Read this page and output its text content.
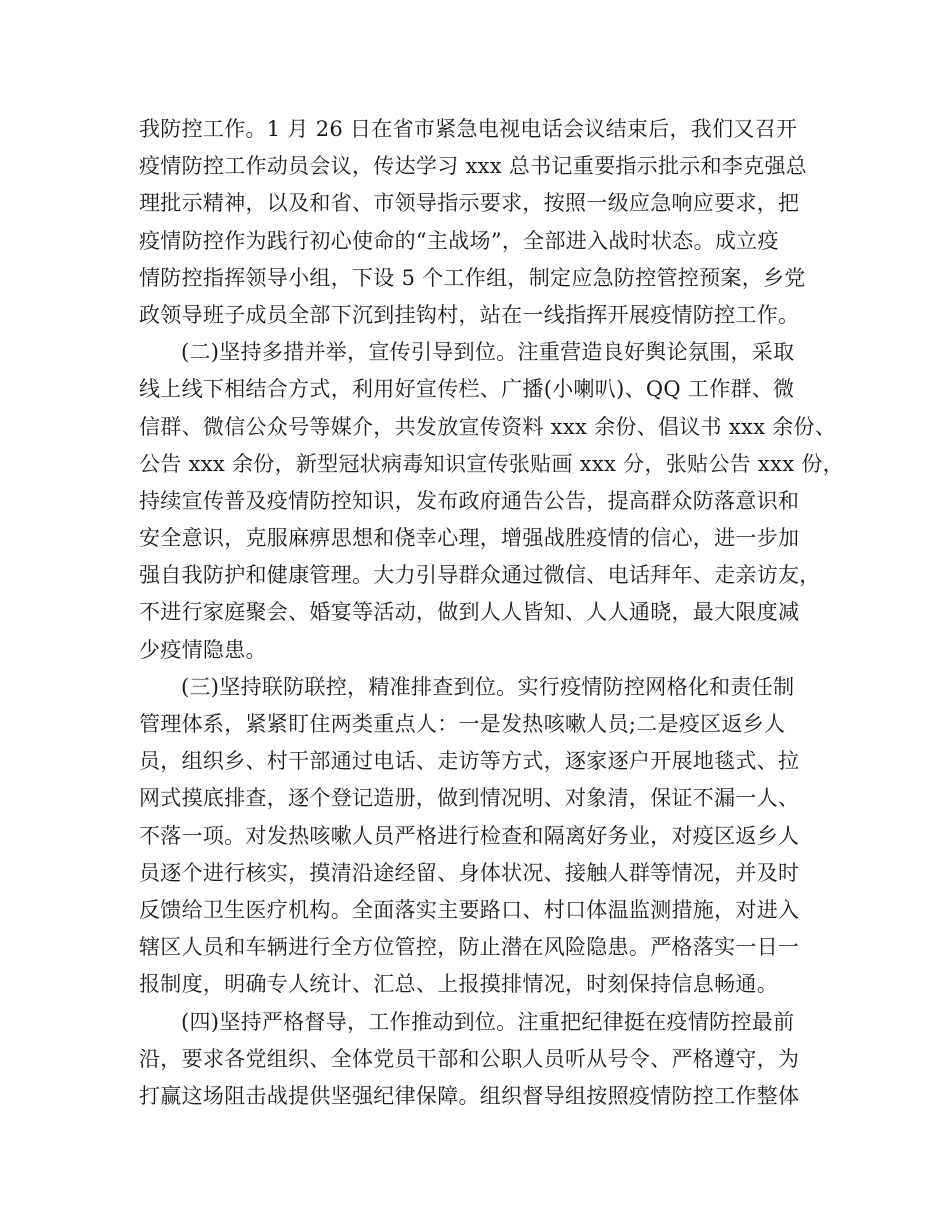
我防控工作。1 月 26 日在省市紧急电视电话会议结束后，我们又召开
疫情防控工作动员会议，传达学习 xxx 总书记重要指示批示和李克强总
理批示精神，以及和省、市领导指示要求，按照一级应急响应要求，把
疫情防控作为践行初心使命的“主战场”，全部进入战时状态。成立疫
情防控指挥领导小组，下设 5 个工作组，制定应急防控管控预案，乡党
政领导班子成员全部下沉到挂钩村，站在一线指挥开展疫情防控工作。
(二)坚持多措并举，宣传引导到位。注重营造良好舆论氛围，采取
线上线下相结合方式，利用好宣传栏、广播(小喇叭)、QQ 工作群、微
信群、微信公众号等媒介，共发放宣传资料 xxx 余份、倡议书 xxx 余份、
公告 xxx 余份，新型冠状病毒知识宣传张贴画 xxx 分，张贴公告 xxx 份，
持续宣传普及疫情防控知识，发布政府通告公告，提高群众防落意识和
安全意识，克服麻痹思想和侥幸心理，增强战胜疫情的信心，进一步加
强自我防护和健康管理。大力引导群众通过微信、电话拜年、走亲访友，
不进行家庭聚会、婚宴等活动，做到人人皆知、人人通晓，最大限度减
少疫情隐患。
(三)坚持联防联控，精准排查到位。实行疫情防控网格化和责任制
管理体系，紧紧盯住两类重点人：一是发热咳嗽人员;二是疫区返乡人
员，组织乡、村干部通过电话、走访等方式，逐家逐户开展地毯式、拉
网式摸底排查，逐个登记造册，做到情况明、对象清，保证不漏一人、
不落一项。对发热咳嗽人员严格进行检查和隔离好务业，对疫区返乡人
员逐个进行核实，摸清沿途经留、身体状况、接触人群等情况，并及时
反馈给卫生医疗机构。全面落实主要路口、村口体温监测措施，对进入
辖区人员和车辆进行全方位管控，防止潜在风险隐患。严格落实一日一
报制度，明确专人统计、汇总、上报摸排情况，时刻保持信息畅通。
(四)坚持严格督导，工作推动到位。注重把纪律挺在疫情防控最前
沿，要求各党组织、全体党员干部和公职人员听从号令、严格遵守，为
打赢这场阻击战提供坚强纪律保障。组织督导组按照疫情防控工作整体
